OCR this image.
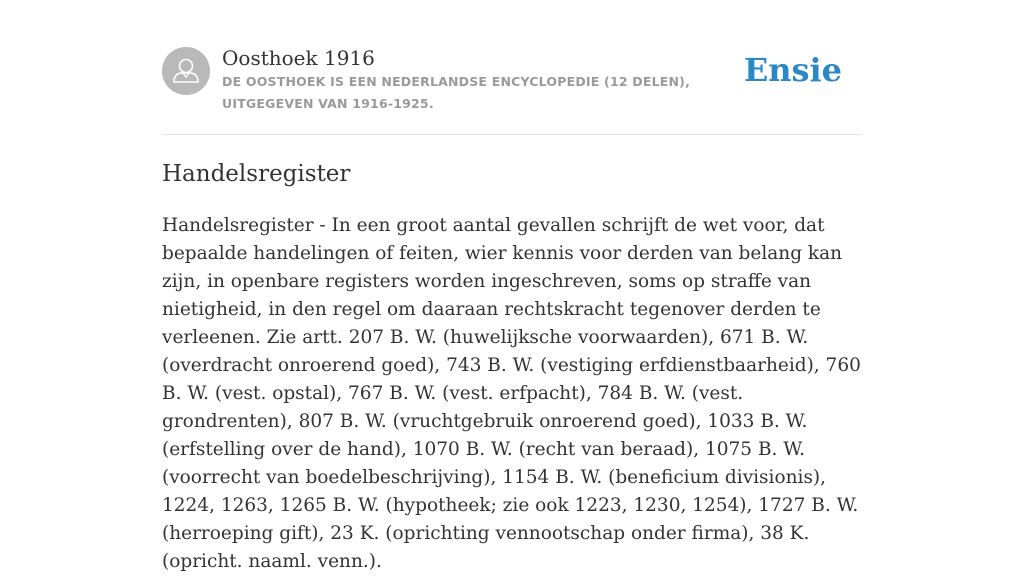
Oosthoek 1916

DE OOSTHOEK IS EEN NEDERLANDSE ENCYCLOPEDIE (12 DELEN), UITGEGEVEN VAN 1916-1925.

Ensie
Handelsregister

Handelsregister - In een groot aantal gevallen schrijft de wet voor, dat bepaalde handelingen of feiten, wier kennis voor derden van belang kan zijn, in openbare registers worden ingeschreven, soms op straffe van nietigheid, in den regel om daaraan rechtskracht tegenover derden te verleenen. Zie artt. 207 B. W. (huwelijksche voorwaarden), 671 B. W. (overdracht onroerend goed), 743 B. W. (vestiging erfdienstbaarheid), 760 B. W. (vest. opstal), 767 B. W. (vest. erfpacht), 784 B. W. (vest. grondrenten), 807 B. W. (vruchtgebruik onroerend goed), 1033 B. W. (erfstelling over de hand), 1070 B. W. (recht van beraad), 1075 B. W. (voorrecht van boedelbeschrijving), 1154 B. W. (beneficium divisionis), 1224, 1263, 1265 B. W. (hypotheek; zie ook 1223, 1230, 1254), 1727 B. W. (herroeping gift), 23 K. (oprichting vennootschap onder firma), 38 K. (opricht. naaml. venn.).
